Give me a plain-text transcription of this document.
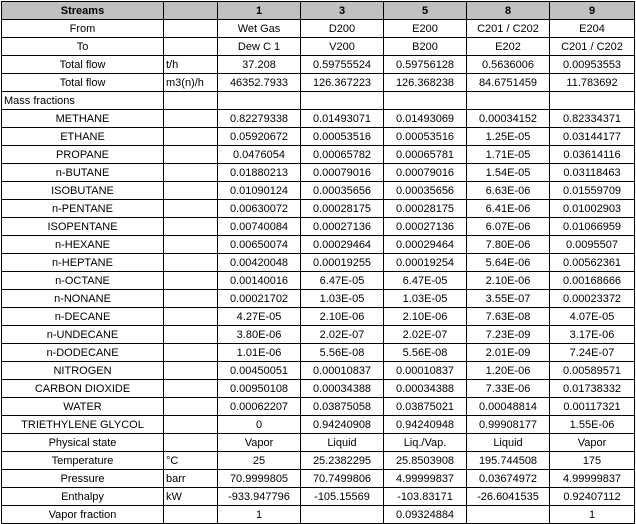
Streams		1	3	5	8	9
From		Wet Gas	D200	E200	C201 / C202	E204
To		Dew C 1	V200	B200	E202	C201 / C202
Total flow	t/h	37.208	0.59755524	0.59756128	0.5636006	0.00953553
Total flow	m3(n)/h	46352.7933	126.367223	126.368238	84.6751459	11.783692
Mass fractions						
METHANE		0.82279338	0.01493071	0.01493069	0.00034152	0.82334371
ETHANE		0.05920672	0.00053516	0.00053516	1.25E-05	0.03144177
PROPANE		0.0476054	0.00065782	0.00065781	1.71E-05	0.03614116
n-BUTANE		0.01880213	0.00079016	0.00079016	1.54E-05	0.03118463
ISOBUTANE		0.01090124	0.00035656	0.00035656	6.63E-06	0.01559709
n-PENTANE		0.00630072	0.00028175	0.00028175	6.41E-06	0.01002903
ISOPENTANE		0.00740084	0.00027136	0.00027136	6.07E-06	0.01066959
n-HEXANE		0.00650074	0.00029464	0.00029464	7.80E-06	0.0095507
n-HEPTANE		0.00420048	0.00019255	0.00019254	5.64E-06	0.00562361
n-OCTANE		0.00140016	6.47E-05	6.47E-05	2.10E-06	0.00168666
n-NONANE		0.00021702	1.03E-05	1.03E-05	3.55E-07	0.00023372
n-DECANE		4.27E-05	2.10E-06	2.10E-06	7.63E-08	4.07E-05
n-UNDECANE		3.80E-06	2.02E-07	2.02E-07	7.23E-09	3.17E-06
n-DODECANE		1.01E-06	5.56E-08	5.56E-08	2.01E-09	7.24E-07
NITROGEN		0.00450051	0.00010837	0.00010837	1.20E-06	0.00589571
CARBON DIOXIDE		0.00950108	0.00034388	0.00034388	7.33E-06	0.01738332
WATER		0.00062207	0.03875058	0.03875021	0.00048814	0.00117321
TRIETHYLENE GLYCOL		0	0.94240908	0.94240948	0.99908177	1.55E-06
Physical state		Vapor	Liquid	Liq./Vap.	Liquid	Vapor
Temperature	°C	25	25.2382295	25.8503908	195.744508	175
Pressure	barr	70.9999805	70.7499806	4.99999837	0.03674972	4.99999837
Enthalpy	kW	-933.947796	-105.15569	-103.83171	-26.6041535	0.92407112
Vapor fraction		1		0.09324884		1
